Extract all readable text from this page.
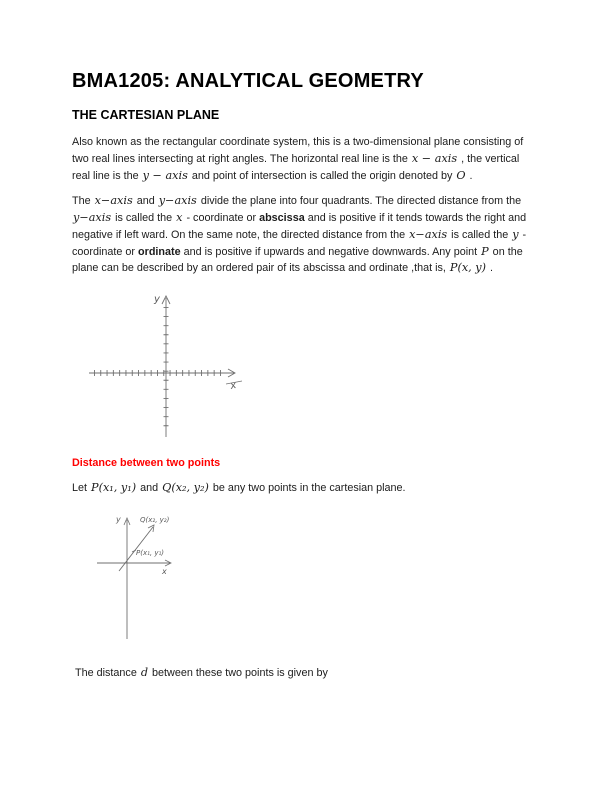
BMA1205: ANALYTICAL GEOMETRY
THE CARTESIAN PLANE

Also known as the rectangular coordinate system, this is a two-dimensional plane consisting of two real lines intersecting at right angles. The horizontal real line is the x − axis , the vertical real line is the y − axis and point of intersection is called the origin denoted by O .

The x−axis and y−axis divide the plane into four quadrants. The directed distance from the y−axis is called the x - coordinate or abscissa and is positive if it tends towards the right and negative if left ward. On the same note, the directed distance from the x−axis is called the y -coordinate or ordinate and is positive if upwards and negative downwards. Any point P on the plane can be described by an ordered pair of its abscissa and ordinate ,that is, P(x, y) .

y
x
Distance between two points

Let P(x₁, y₁) and Q(x₂, y₂) be any two points in the cartesian plane.

y
x
Q(x₂, y₂)
P(x₁, y₁)

The distance d between these two points is given by
